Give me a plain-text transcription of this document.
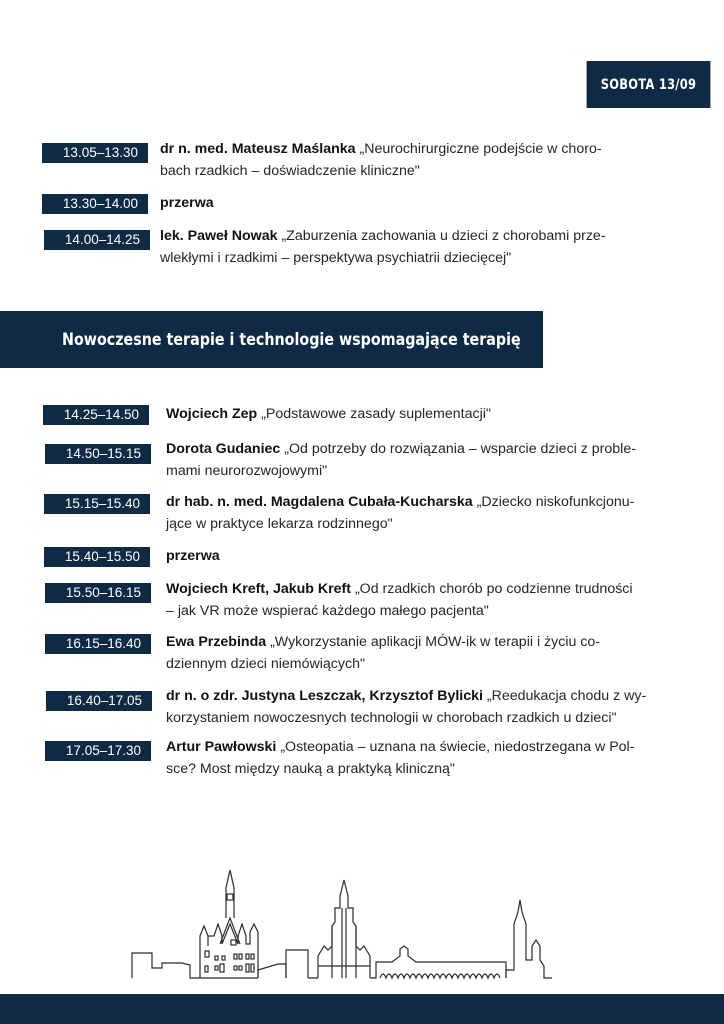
SOBOTA 13/09
13.05–13.30	dr n. med. Mateusz Maślanka „Neurochirurgiczne podejście w choro-
bach rzadkich – doświadczenie kliniczne"
13.30–14.00	przerwa
14.00–14.25	lek. Paweł Nowak „Zaburzenia zachowania u dzieci z chorobami prze-
wlekłymi i rzadkimi – perspektywa psychiatrii dziecięcej"
Nowoczesne terapie i technologie wspomagające terapię
14.25–14.50	Wojciech Zep „Podstawowe zasady suplementacji"
14.50–15.15	Dorota Gudaniec „Od potrzeby do rozwiązania – wsparcie dzieci z proble-
mami neurorozwojowymi"
15.15–15.40	dr hab. n. med. Magdalena Cubała-Kucharska „Dziecko niskofunkcjonu-
jące w praktyce lekarza rodzinnego"
15.40–15.50	przerwa
15.50–16.15	Wojciech Kreft, Jakub Kreft „Od rzadkich chorób po codzienne trudności
– jak VR może wspierać każdego małego pacjenta"
16.15–16.40	Ewa Przebinda „Wykorzystanie aplikacji MÓW-ik w terapii i życiu co-
dziennym dzieci niemówiących"
16.40–17.05	dr n. o zdr. Justyna Leszczak, Krzysztof Bylicki „Reedukacja chodu z wy-
korzystaniem nowoczesnych technologii w chorobach rzadkich u dzieci"
17.05–17.30	Artur Pawłowski „Osteopatia – uznana na świecie, niedostrzegana w Pol-
sce? Most między nauką a praktyką kliniczną"
